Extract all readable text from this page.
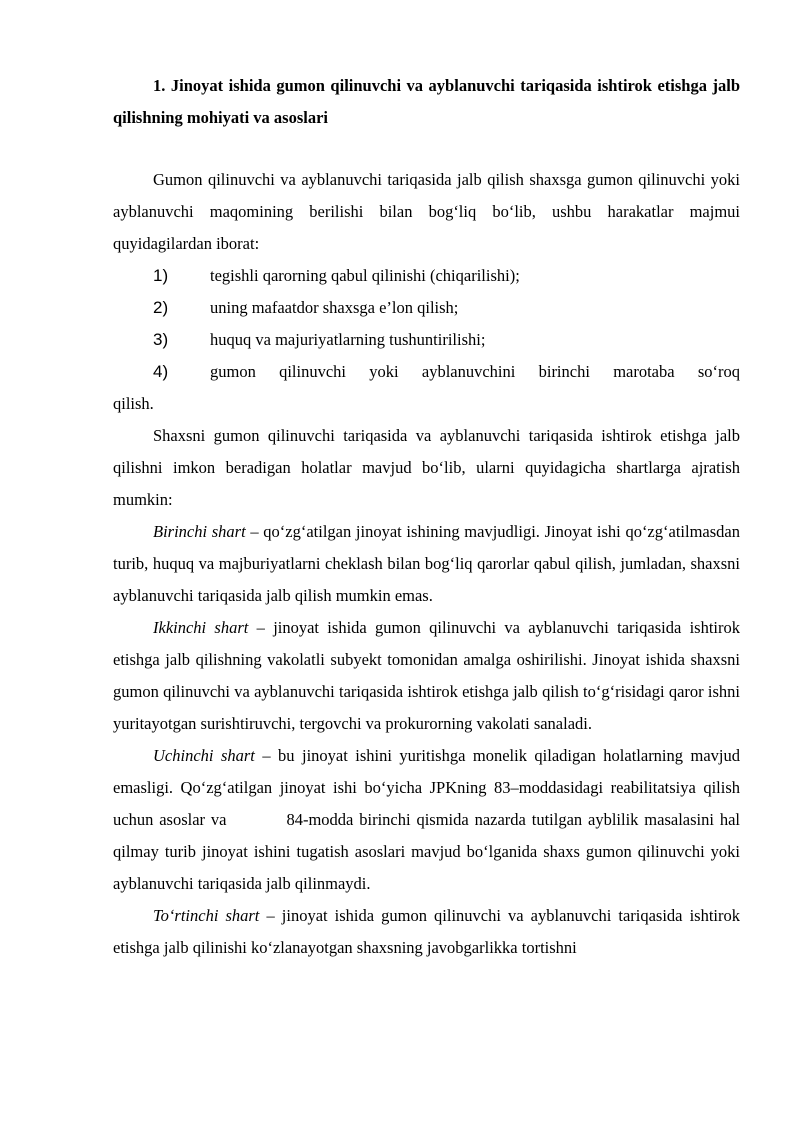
1. Jinoyat ishida gumon qilinuvchi va ayblanuvchi tariqasida ishtirok etishga jalb qilishning mohiyati va asoslari

Gumon qilinuvchi va ayblanuvchi tariqasida jalb qilish shaxsga gumon qilinuvchi yoki ayblanuvchi maqomining berilishi bilan bog‘liq bo‘lib, ushbu harakatlar majmui quyidagilardan iborat:

1)	tegishli qarorning qabul qilinishi (chiqarilishi);
2)	uning mafaatdor shaxsga e’lon qilish;
3)	huquq va majuriyatlarning tushuntirilishi;
4)	gumon qilinuvchi yoki ayblanuvchini birinchi marotaba so‘roq

qilish.

Shaxsni gumon qilinuvchi tariqasida va ayblanuvchi tariqasida ishtirok etishga jalb qilishni imkon beradigan holatlar mavjud bo‘lib, ularni quyidagicha shartlarga ajratish mumkin:

Birinchi shart – qo‘zg‘atilgan jinoyat ishining mavjudligi. Jinoyat ishi qo‘zg‘atilmasdan turib, huquq va majburiyatlarni cheklash bilan bog‘liq qarorlar qabul qilish, jumladan, shaxsni ayblanuvchi tariqasida jalb qilish mumkin emas.

Ikkinchi shart – jinoyat ishida gumon qilinuvchi va ayblanuvchi tariqasida ishtirok etishga jalb qilishning vakolatli subyekt tomonidan amalga oshirilishi. Jinoyat ishida shaxsni gumon qilinuvchi va ayblanuvchi tariqasida ishtirok etishga jalb qilish to‘g‘risidagi qaror ishni yuritayotgan surishtiruvchi, tergovchi va prokurorning vakolati sanaladi.

Uchinchi shart – bu jinoyat ishini yuritishga monelik qiladigan holatlarning mavjud emasligi. Qo‘zg‘atilgan jinoyat ishi bo‘yicha JPKning 83–moddasidagi reabilitatsiya qilish uchun asoslar va	84-modda birinchi qismida nazarda tutilgan ayblilik masalasini hal qilmay turib jinoyat ishini tugatish asoslari mavjud bo‘lganida shaxs gumon qilinuvchi yoki ayblanuvchi tariqasida jalb qilinmaydi.

To‘rtinchi shart – jinoyat ishida gumon qilinuvchi va ayblanuvchi tariqasida ishtirok etishga jalb qilinishi ko‘zlanayotgan shaxsning javobgarlikka tortishni
